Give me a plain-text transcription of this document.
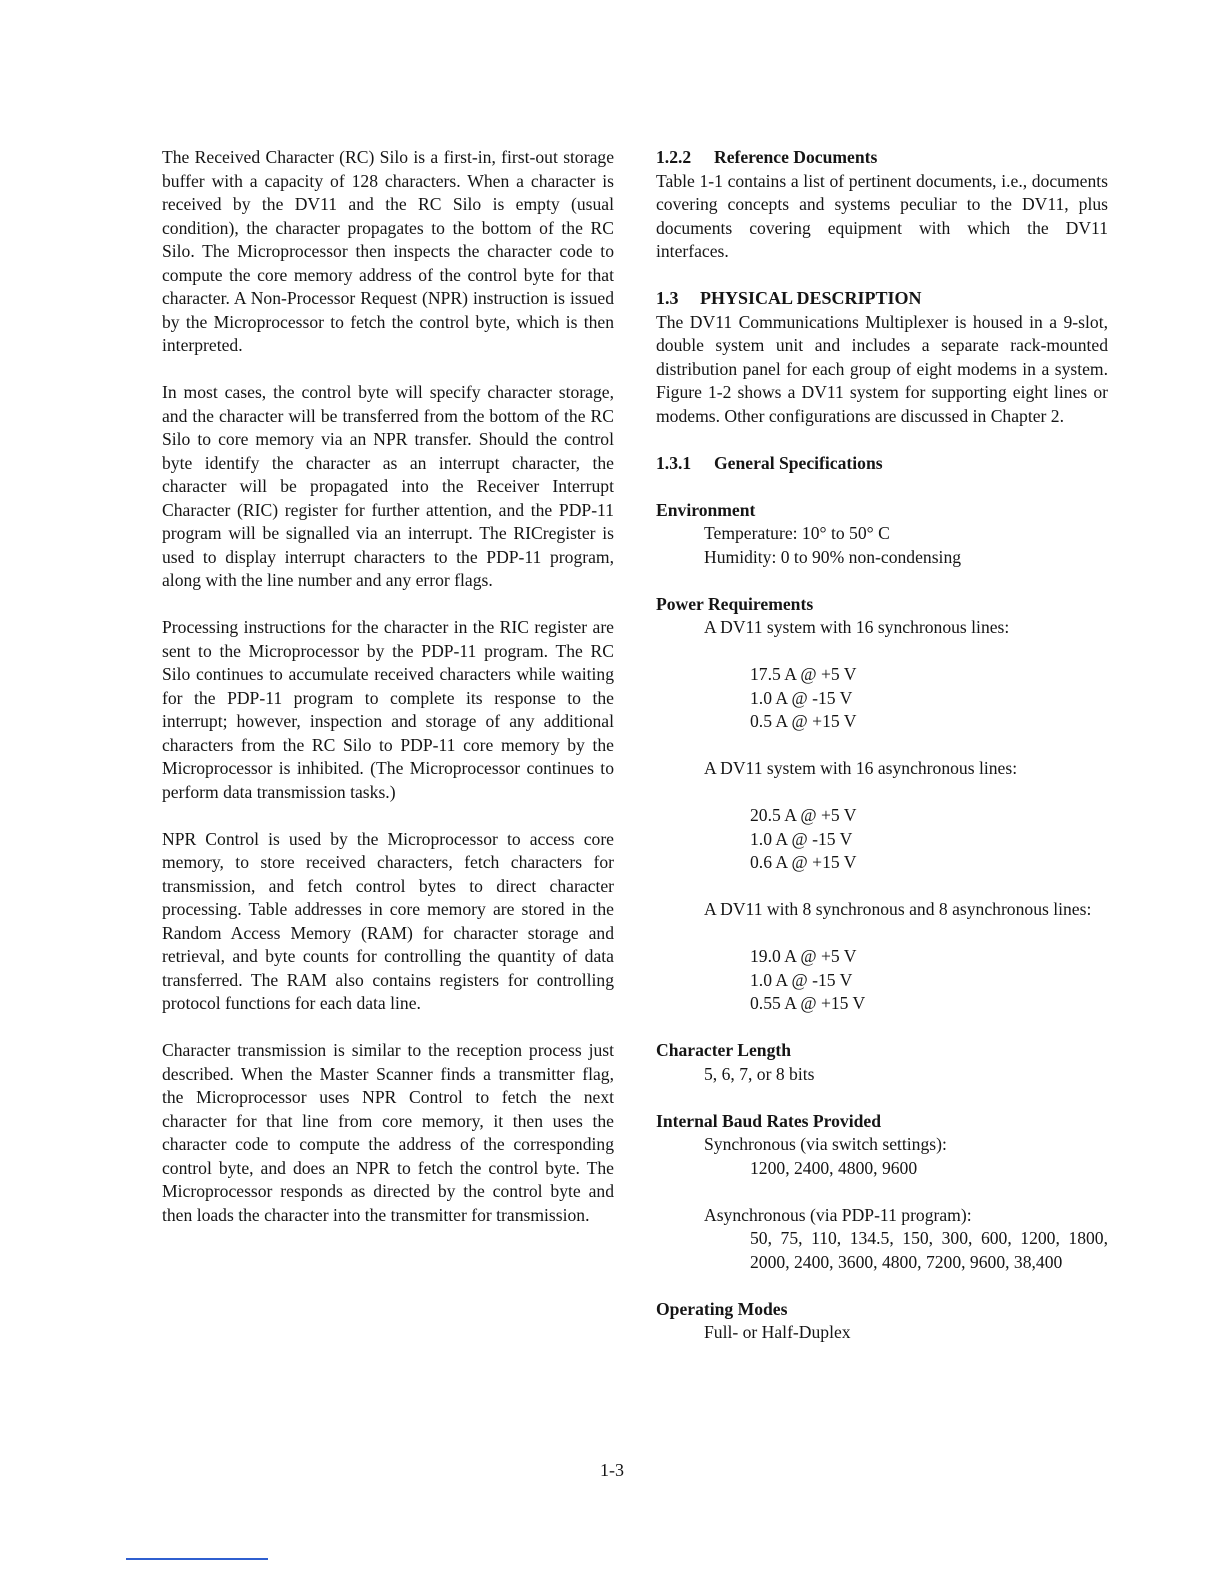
The Received Character (RC) Silo is a first-in, first-out storage buffer with a capacity of 128 characters. When a character is received by the DV11 and the RC Silo is empty (usual condition), the character propagates to the bottom of the RC Silo. The Microprocessor then inspects the character code to compute the core memory address of the control byte for that character. A Non-Processor Request (NPR) instruction is issued by the Microprocessor to fetch the control byte, which is then interpreted.

In most cases, the control byte will specify character storage, and the character will be transferred from the bottom of the RC Silo to core memory via an NPR transfer. Should the control byte identify the character as an interrupt character, the character will be propagated into the Receiver Interrupt Character (RIC) register for further attention, and the PDP-11 program will be signalled via an interrupt. The RICregister is used to display interrupt characters to the PDP-11 program, along with the line number and any error flags.

Processing instructions for the character in the RIC register are sent to the Microprocessor by the PDP-11 program. The RC Silo continues to accumulate received characters while waiting for the PDP-11 program to complete its response to the interrupt; however, inspection and storage of any additional characters from the RC Silo to PDP-11 core memory by the Microprocessor is inhibited. (The Microprocessor continues to perform data transmission tasks.)

NPR Control is used by the Microprocessor to access core memory, to store received characters, fetch characters for transmission, and fetch control bytes to direct character processing. Table addresses in core memory are stored in the Random Access Memory (RAM) for character storage and retrieval, and byte counts for controlling the quantity of data transferred. The RAM also contains registers for controlling protocol functions for each data line.

Character transmission is similar to the reception process just described. When the Master Scanner finds a transmitter flag, the Microprocessor uses NPR Control to fetch the next character for that line from core memory, it then uses the character code to compute the address of the corresponding control byte, and does an NPR to fetch the control byte. The Microprocessor responds as directed by the control byte and then loads the character into the transmitter for transmission.

1.2.2 Reference Documents

Table 1-1 contains a list of pertinent documents, i.e., documents covering concepts and systems peculiar to the DV11, plus documents covering equipment with which the DV11 interfaces.

1.3 PHYSICAL DESCRIPTION

The DV11 Communications Multiplexer is housed in a 9-slot, double system unit and includes a separate rack-mounted distribution panel for each group of eight modems in a system. Figure 1-2 shows a DV11 system for supporting eight lines or modems. Other configurations are discussed in Chapter 2.

1.3.1 General Specifications

Environment

Temperature: 10° to 50° C

Humidity: 0 to 90% non-condensing

Power Requirements

A DV11 system with 16 synchronous lines:

17.5 A @ +5 V

1.0 A @ -15 V

0.5 A @ +15 V

A DV11 system with 16 asynchronous lines:

20.5 A @ +5 V

1.0 A @ -15 V

0.6 A @ +15 V

A DV11 with 8 synchronous and 8 asynchronous lines:

19.0 A @ +5 V

1.0 A @ -15 V

0.55 A @ +15 V

Character Length

5, 6, 7, or 8 bits

Internal Baud Rates Provided

Synchronous (via switch settings):

1200, 2400, 4800, 9600

Asynchronous (via PDP-11 program):

50, 75, 110, 134.5, 150, 300, 600, 1200, 1800, 2000, 2400, 3600, 4800, 7200, 9600, 38,400

Operating Modes

Full- or Half-Duplex

1-3
